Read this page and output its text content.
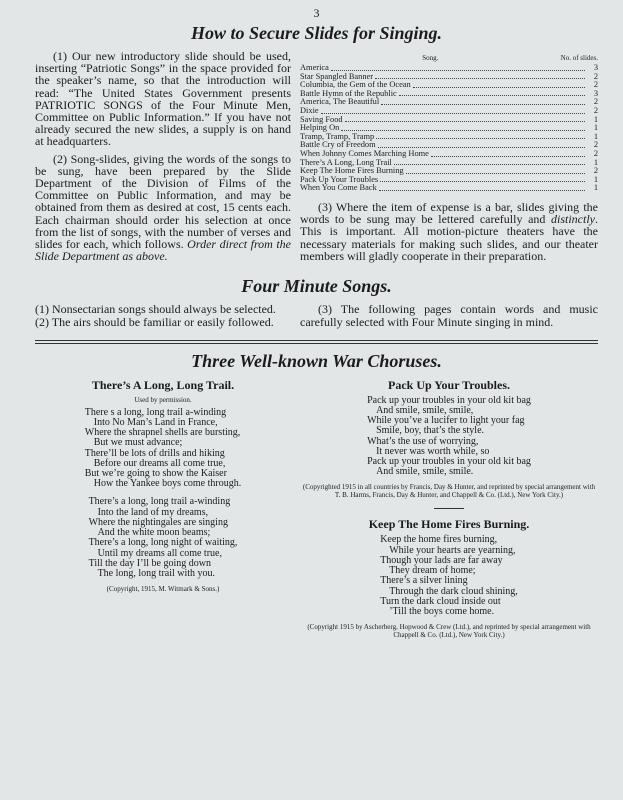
3
How to Secure Slides for Singing.

(1) Our new introductory slide should be used, inserting “Patriotic Songs” in the space provided for the speaker’s name, so that the introduction will read: “The United States Government presents PATRIOTIC SONGS of the Four Minute Men, Committee on Public Information.” If you have not already secured the new slides, a supply is on hand at headquarters.

(2) Song-slides, giving the words of the songs to be sung, have been prepared by the Slide Department of the Division of Films of the Committee on Public Information, and may be obtained from them as desired at cost, 15 cents each. Each chairman should order his selection at once from the list of songs, with the number of verses and slides for each, which follows. Order direct from the Slide Department as above.

Song.	No. of slides.
America	3
Star Spangled Banner	2
Columbia, the Gem of the Ocean	2
Battle Hymn of the Republic	3
America, The Beautiful	2
Dixie	2
Saving Food	1
Helping On	1
Tramp, Tramp, Tramp	1
Battle Cry of Freedom	2
When Johnny Comes Marching Home	2
There’s A Long, Long Trail	1
Keep The Home Fires Burning	2
Pack Up Your Troubles	1
When You Come Back	1

(3) Where the item of expense is a bar, slides giving the words to be sung may be lettered carefully and distinctly. This is important. All motion-picture theaters have the necessary materials for making such slides, and our theater members will gladly cooperate in their preparation.

Four Minute Songs.
(1) Nonsectarian songs should always be selected.
(2) The airs should be familiar or easily followed.
(3) The following pages contain words and music carefully selected with Four Minute singing in mind.
Three Well-known War Choruses.
There’s A Long, Long Trail.
Used by permission.
There s a long, long trail a-winding
Into No Man’s Land in France,
Where the shrapnel shells are bursting,
But we must advance;
There’ll be lots of drills and hiking
Before our dreams all come true,
But we’re going to show the Kaiser
How the Yankee boys come through.

There’s a long, long trail a-winding
Into the land of my dreams,
Where the nightingales are singing
And the white moon beams;
There’s a long, long night of waiting,
Until my dreams all come true,
Till the day I’ll be going down
The long, long trail with you.
(Copyright, 1915, M. Witmark & Sons.)
Pack Up Your Troubles.
Pack up your troubles in your old kit bag
And smile, smile, smile,
While you’ve a lucifer to light your fag
Smile, boy, that’s the style.
What’s the use of worrying,
It never was worth while, so
Pack up your troubles in your old kit bag
And smile, smile, smile.
(Copyrighted 1915 in all countries by Francis, Day & Hunter, and reprinted by special arrangement with T. B. Harms, Francis, Day & Hunter, and Chappell & Co. (Ltd.), New York City.)
Keep The Home Fires Burning.
Keep the home fires burning,
While your hearts are yearning,
Though your lads are far away
They dream of home;
There’s a silver lining
Through the dark cloud shining,
Turn the dark cloud inside out
’Till the boys come home.
(Copyright 1915 by Ascherberg, Hopwood & Crew (Ltd.), and reprinted by special arrangement with Chappell & Co. (Ltd.), New York City.)
